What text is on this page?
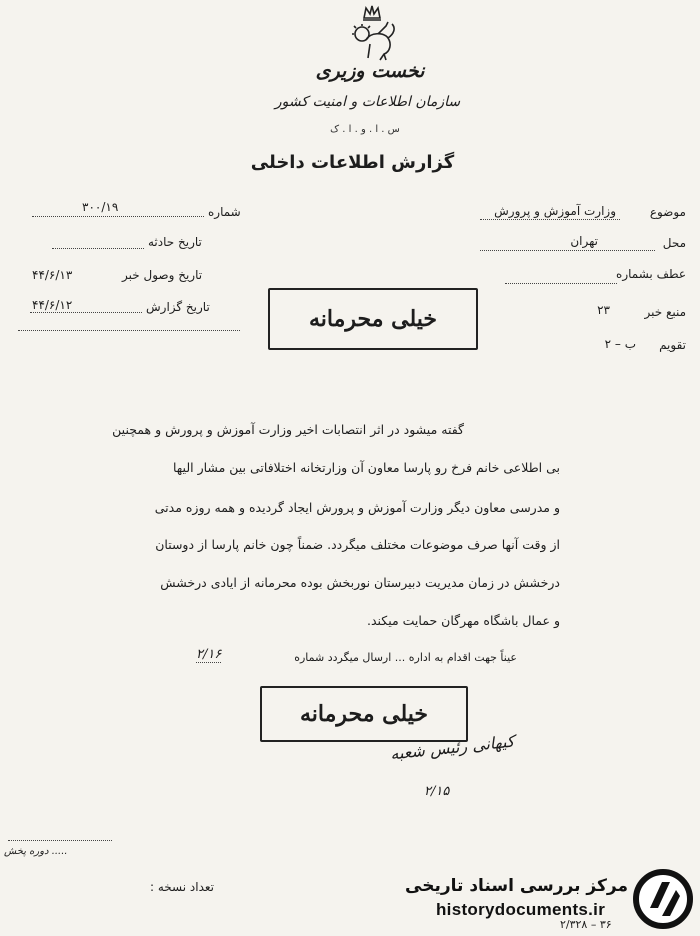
نخست وزیری
سازمان اطلاعات و امنیت کشور
س . ا . و . ا . ک
گزارش اطلاعات داخلی
موضوع
وزارت آموزش و پرورش
محل
تهران
عطف بشماره
منبع خبر
۲۳
تقویم
ب – ۲
شماره
۳۰۰/۱۹
تاریخ حادثه
تاریخ وصول خبر
۴۴/۶/۱۳
تاریخ گزارش
۴۴/۶/۱۲
خیلی محرمانه
گفته میشود در اثر انتصابات اخیر وزارت آموزش و پرورش و همچنین
بی اطلاعی خانم فرخ رو پارسا معاون آن وزارتخانه اختلافاتی بین مشار الیها
و مدرسی معاون دیگر وزارت آموزش و پرورش ایجاد گردیده و همه روزه مدتی
از وقت آنها صرف موضوعات مختلف میگردد. ضمناً چون خانم پارسا از دوستان
درخشش در زمان مدیریت دبیرستان نوربخش بوده محرمانه از ایادی درخشش
و عمال باشگاه مهرگان حمایت میکند.
عیناً جهت اقدام به اداره ... ارسال میگردد شماره
۲/۱۶
خیلی محرمانه
کیهانی رئیس شعبه
۲/۱۵
..... دوره پخش
تعداد نسخه :
۳۶ – ۲/۳۲۸
مرکز بررسی اسناد تاریخی
historydocuments.ir
